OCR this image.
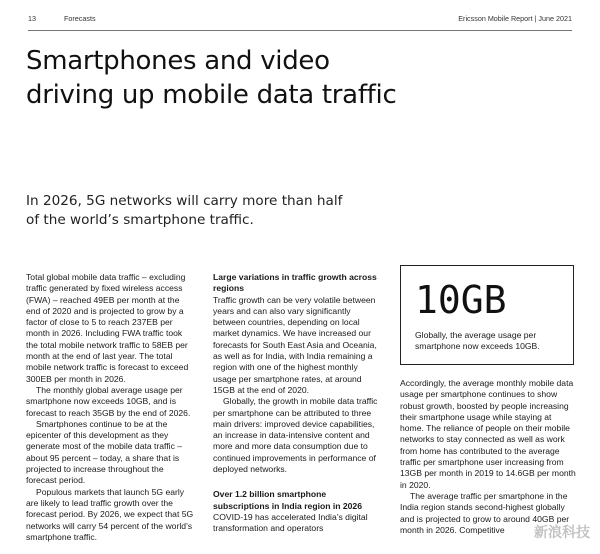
13	Forecasts	Ericsson Mobile Report | June 2021
Smartphones and video
driving up mobile data traffic

In 2026, 5G networks will carry more than half of the world’s smartphone traffic.

Total global mobile data traffic – excluding traffic generated by fixed wireless access (FWA) – reached 49EB per month at the end of 2020 and is projected to grow by a factor of close to 5 to reach 237EB per month in 2026. Including FWA traffic took the total mobile network traffic to 58EB per month at the end of last year. The total mobile network traffic is forecast to exceed 300EB per month in 2026.

The monthly global average usage per smartphone now exceeds 10GB, and is forecast to reach 35GB by the end of 2026.

Smartphones continue to be at the epicenter of this development as they generate most of the mobile data traffic – about 95 percent – today, a share that is projected to increase throughout the forecast period.

Populous markets that launch 5G early are likely to lead traffic growth over the forecast period. By 2026, we expect that 5G networks will carry 54 percent of the world’s smartphone traffic.

Large variations in traffic growth across regions

Traffic growth can be very volatile between years and can also vary significantly between countries, depending on local market dynamics. We have increased our forecasts for South East Asia and Oceania, as well as for India, with India remaining a region with one of the highest monthly usage per smartphone rates, at around 15GB at the end of 2020.

Globally, the growth in mobile data traffic per smartphone can be attributed to three main drivers: improved device capabilities, an increase in data-intensive content and more and more data consumption due to continued improvements in performance of deployed networks.

Over 1.2 billion smartphone subscriptions in India region in 2026

COVID-19 has accelerated India’s digital transformation and operators

10GB
Globally, the average usage per smartphone now exceeds 10GB.

Accordingly, the average monthly mobile data usage per smartphone continues to show robust growth, boosted by people increasing their smartphone usage while staying at home. The reliance of people on their mobile networks to stay connected as well as work from home has contributed to the average traffic per smartphone user increasing from 13GB per month in 2019 to 14.6GB per month in 2020.

The average traffic per smartphone in the India region stands second-highest globally and is projected to grow to around 40GB per month in 2026. Competitive	新浪科技
